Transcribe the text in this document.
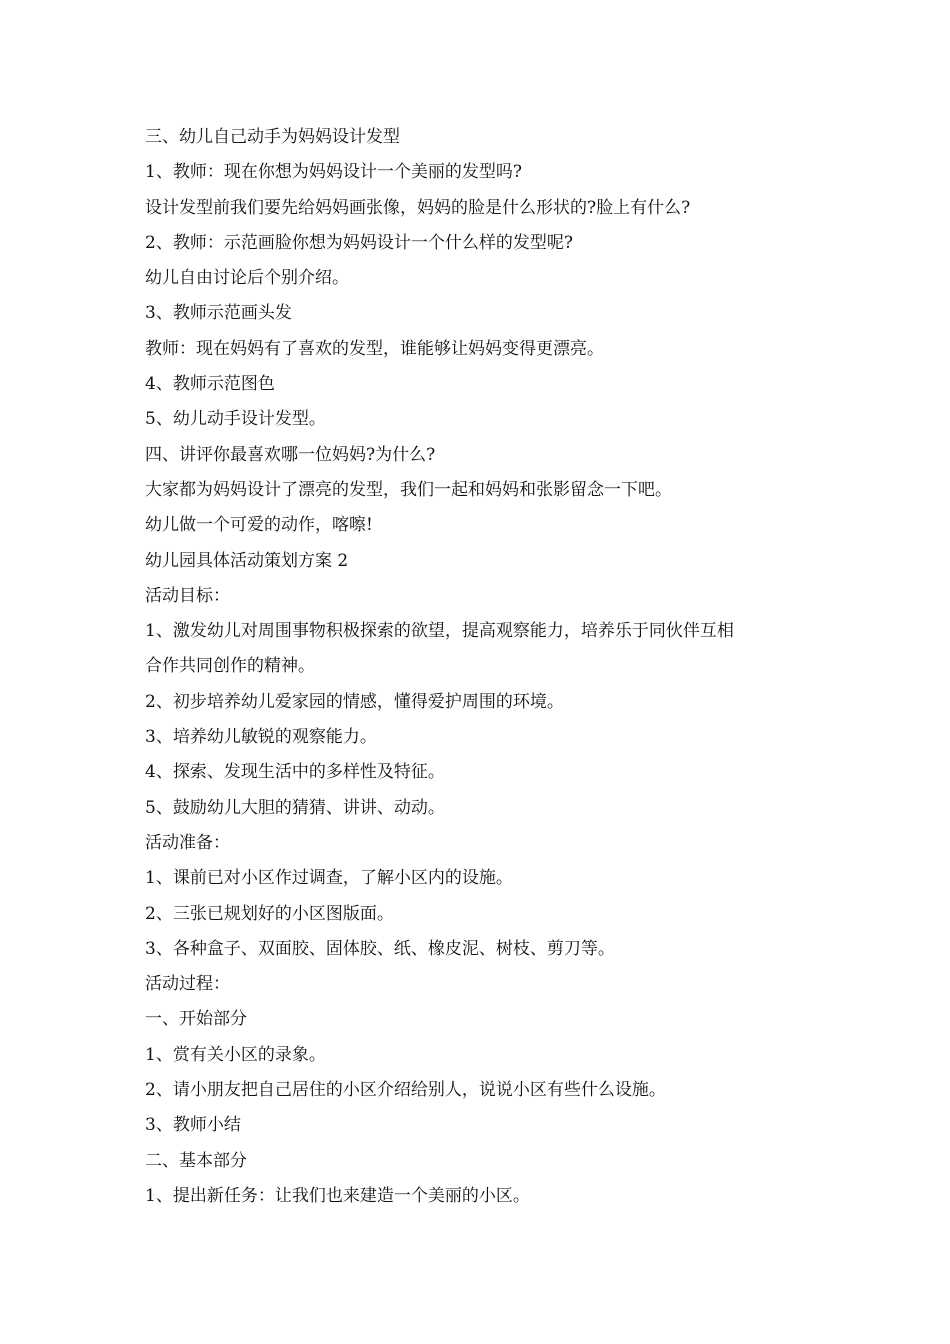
三、幼儿自己动手为妈妈设计发型
1、教师：现在你想为妈妈设计一个美丽的发型吗?
设计发型前我们要先给妈妈画张像，妈妈的脸是什么形状的?脸上有什么?
2、教师：示范画脸你想为妈妈设计一个什么样的发型呢?
幼儿自由讨论后个别介绍。
3、教师示范画头发
教师：现在妈妈有了喜欢的发型，谁能够让妈妈变得更漂亮。
4、教师示范图色
5、幼儿动手设计发型。
四、讲评你最喜欢哪一位妈妈?为什么?
大家都为妈妈设计了漂亮的发型，我们一起和妈妈和张影留念一下吧。
幼儿做一个可爱的动作，喀嚓!
幼儿园具体活动策划方案 2
活动目标：
1、激发幼儿对周围事物积极探索的欲望，提高观察能力，培养乐于同伙伴互相
合作共同创作的精神。
2、初步培养幼儿爱家园的情感，懂得爱护周围的环境。
3、培养幼儿敏锐的观察能力。
4、探索、发现生活中的多样性及特征。
5、鼓励幼儿大胆的猜猜、讲讲、动动。
活动准备：
1、课前已对小区作过调查，了解小区内的设施。
2、三张已规划好的小区图版面。
3、各种盒子、双面胶、固体胶、纸、橡皮泥、树枝、剪刀等。
活动过程：
一、开始部分
1、赏有关小区的录象。
2、请小朋友把自己居住的小区介绍给别人，说说小区有些什么设施。
3、教师小结
二、基本部分
1、提出新任务：让我们也来建造一个美丽的小区。
